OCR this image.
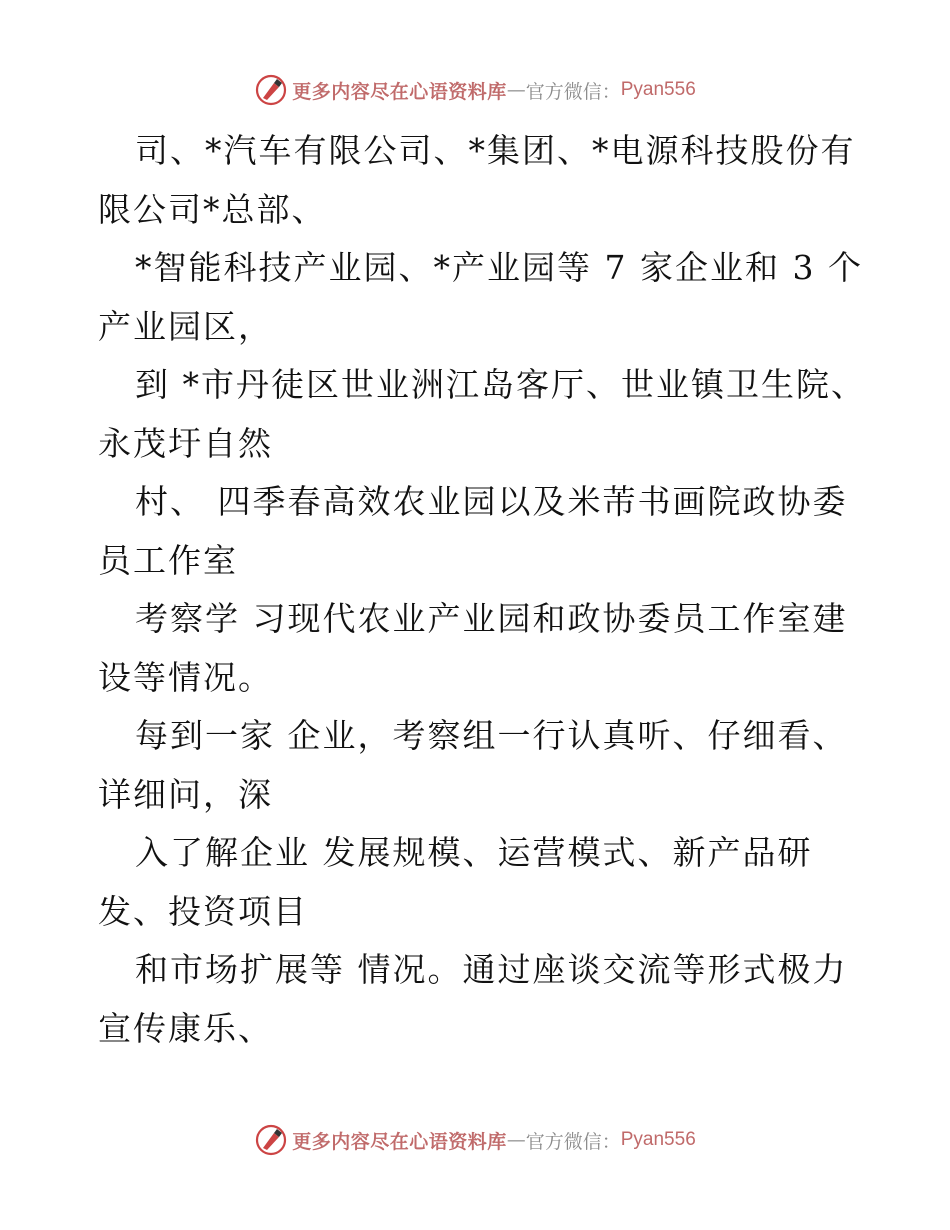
更多内容尽在心语资料库 — 官方微信： Pyan556
司、*汽车有限公司、*集团、*电源科技股份有
限公司*总部、
*智能科技产业园、*产业园等 7 家企业和 3 个
产业园区，
到 *市丹徒区世业洲江岛客厅、世业镇卫生院、
永茂圩自然
村、 四季春高效农业园以及米芾书画院政协委
员工作室
考察学 习现代农业产业园和政协委员工作室建
设等情况。
每到一家 企业，考察组一行认真听、仔细看、
详细问，深
入了解企业 发展规模、运营模式、新产品研
发、投资项目
和市场扩展等 情况。通过座谈交流等形式极力
宣传康乐、
更多内容尽在心语资料库 — 官方微信： Pyan556
